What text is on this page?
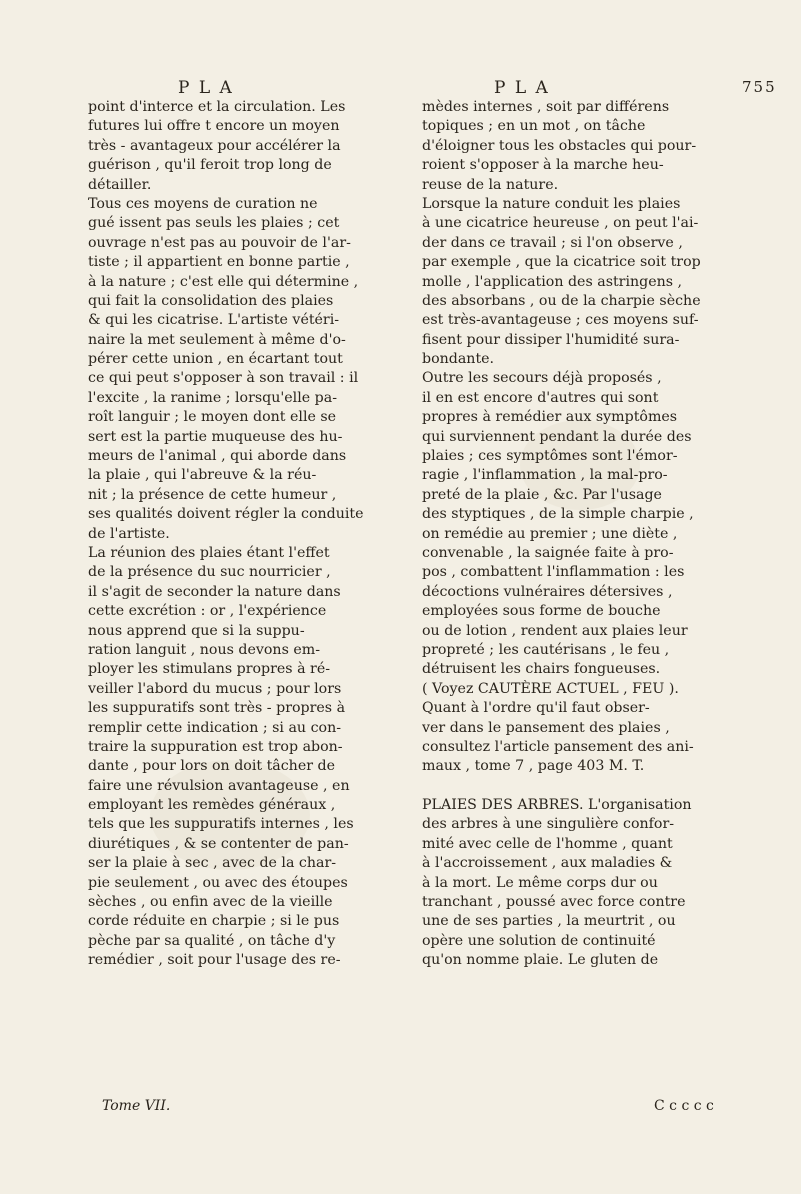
P L A	P L A	755
point d'interce et la circulation. Les
futures lui offre t encore un moyen
très - avantageux pour accélérer la
guérison , qu'il feroit trop long de
détailler.
Tous ces moyens de curation ne
gué issent pas seuls les plaies ; cet
ouvrage n'est pas au pouvoir de l'ar-
tiste ; il appartient en bonne partie ,
à la nature ; c'est elle qui détermine ,
qui fait la consolidation des plaies
& qui les cicatrise. L'artiste vétéri-
naire la met seulement à même d'o-
pérer cette union , en écartant tout
ce qui peut s'opposer à son travail : il
l'excite , la ranime ; lorsqu'elle pa-
roît languir ; le moyen dont elle se
sert est la partie muqueuse des hu-
meurs de l'animal , qui aborde dans
la plaie , qui l'abreuve & la réu-
nit ; la présence de cette humeur ,
ses qualités doivent régler la conduite
de l'artiste.
La réunion des plaies étant l'effet
de la présence du suc nourricier ,
il s'agit de seconder la nature dans
cette excrétion : or , l'expérience
nous apprend que si la suppu-
ration languit , nous devons em-
ployer les stimulans propres à ré-
veiller l'abord du mucus ; pour lors
les suppuratifs sont très - propres à
remplir cette indication ; si au con-
traire la suppuration est trop abon-
dante , pour lors on doit tâcher de
faire une révulsion avantageuse , en
employant les remèdes généraux ,
tels que les suppuratifs internes , les
diurétiques , & se contenter de pan-
ser la plaie à sec , avec de la char-
pie seulement , ou avec des étoupes
sèches , ou enfin avec de la vieille
corde réduite en charpie ; si le pus
pèche par sa qualité , on tâche d'y
remédier , soit pour l'usage des re-
mèdes internes , soit par différens
topiques ; en un mot , on tâche
d'éloigner tous les obstacles qui pour-
roient s'opposer à la marche heu-
reuse de la nature.
Lorsque la nature conduit les plaies
à une cicatrice heureuse , on peut l'ai-
der dans ce travail ; si l'on observe ,
par exemple , que la cicatrice soit trop
molle , l'application des astringens ,
des absorbans , ou de la charpie sèche
est très-avantageuse ; ces moyens suf-
fisent pour dissiper l'humidité sura-
bondante.
Outre les secours déjà proposés ,
il en est encore d'autres qui sont
propres à remédier aux symptômes
qui surviennent pendant la durée des
plaies ; ces symptômes sont l'émor-
ragie , l'inflammation , la mal-pro-
preté de la plaie , &c. Par l'usage
des styptiques , de la simple charpie ,
on remédie au premier ; une diète ,
convenable , la saignée faite à pro-
pos , combattent l'inflammation : les
décoctions vulnéraires détersives ,
employées sous forme de bouche
ou de lotion , rendent aux plaies leur
propreté ; les cautérisans , le feu ,
détruisent les chairs fongueuses.
( Voyez CAUTÈRE ACTUEL , FEU ).
Quant à l'ordre qu'il faut obser-
ver dans le pansement des plaies ,
consultez l'article pansement des ani-
maux , tome 7 , page 403 M. T.
PLAIES DES ARBRES. L'organisation
des arbres à une singulière confor-
mité avec celle de l'homme , quant
à l'accroissement , aux maladies &
à la mort. Le même corps dur ou
tranchant , poussé avec force contre
une de ses parties , la meurtrit , ou
opère une solution de continuité
qu'on nomme plaie. Le gluten de
Tome VII.	C c c c c
